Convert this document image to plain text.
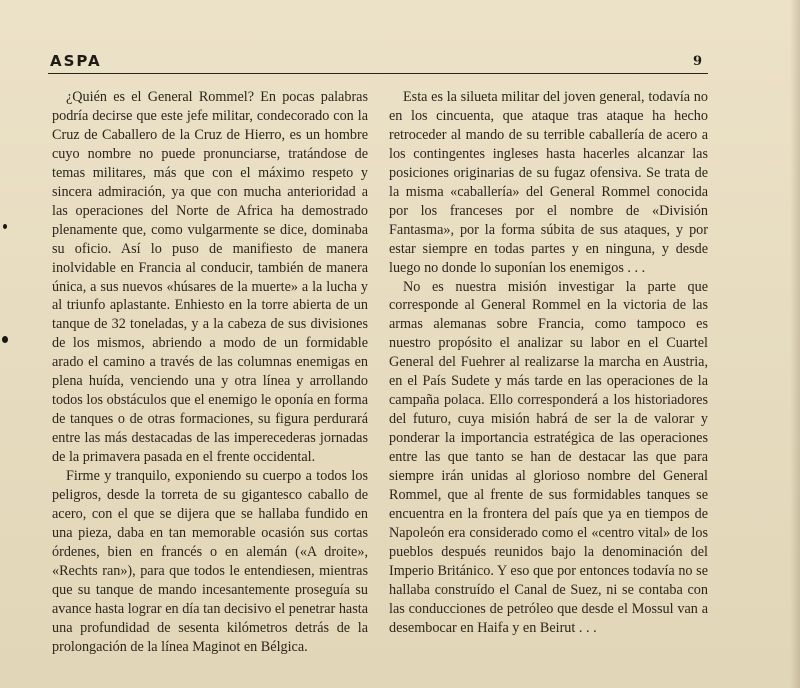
ASPA	9

¿Quién es el General Rommel? En pocas palabras podría decirse que este jefe militar, condecorado con la Cruz de Caballero de la Cruz de Hierro, es un hombre cuyo nombre no puede pronunciarse, tratándose de temas militares, más que con el máximo respeto y sincera admiración, ya que con mucha anterioridad a las operaciones del Norte de Africa ha demostrado plenamente que, como vulgarmente se dice, dominaba su oficio. Así lo puso de manifiesto de manera inolvidable en Francia al conducir, también de manera única, a sus nuevos «húsares de la muerte» a la lucha y al triunfo aplastante. Enhiesto en la torre abierta de un tanque de 32 toneladas, y a la cabeza de sus divisiones de los mismos, abriendo a modo de un formidable arado el camino a través de las columnas enemigas en plena huída, venciendo una y otra línea y arrollando todos los obstáculos que el enemigo le oponía en forma de tanques o de otras formaciones, su figura perdurará entre las más destacadas de las imperecederas jornadas de la primavera pasada en el frente occidental.

Firme y tranquilo, exponiendo su cuerpo a todos los peligros, desde la torreta de su gigantesco caballo de acero, con el que se dijera que se hallaba fundido en una pieza, daba en tan memorable ocasión sus cortas órdenes, bien en francés o en alemán («A droite», «Rechts ran»), para que todos le entendiesen, mientras que su tanque de mando incesantemente proseguía su avance hasta lograr en día tan decisivo el penetrar hasta una profundidad de sesenta kilómetros detrás de la prolongación de la línea Maginot en Bélgica.

Esta es la silueta militar del joven general, todavía no en los cincuenta, que ataque tras ataque ha hecho retroceder al mando de su terrible caballería de acero a los contingentes ingleses hasta hacerles alcanzar las posiciones originarias de su fugaz ofensiva. Se trata de la misma «caballería» del General Rommel conocida por los franceses por el nombre de «División Fantasma», por la forma súbita de sus ataques, y por estar siempre en todas partes y en ninguna, y desde luego no donde lo suponían los enemigos . . .

No es nuestra misión investigar la parte que corresponde al General Rommel en la victoria de las armas alemanas sobre Francia, como tampoco es nuestro propósito el analizar su labor en el Cuartel General del Fuehrer al realizarse la marcha en Austria, en el País Sudete y más tarde en las operaciones de la campaña polaca. Ello corresponderá a los historiadores del futuro, cuya misión habrá de ser la de valorar y ponderar la importancia estratégica de las operaciones entre las que tanto se han de destacar las que para siempre irán unidas al glorioso nombre del General Rommel, que al frente de sus formidables tanques se encuentra en la frontera del país que ya en tiempos de Napoleón era considerado como el «centro vital» de los pueblos después reunidos bajo la denominación del Imperio Británico. Y eso que por entonces todavía no se hallaba construído el Canal de Suez, ni se contaba con las conducciones de petróleo que desde el Mossul van a desembocar en Haifa y en Beirut . . .
